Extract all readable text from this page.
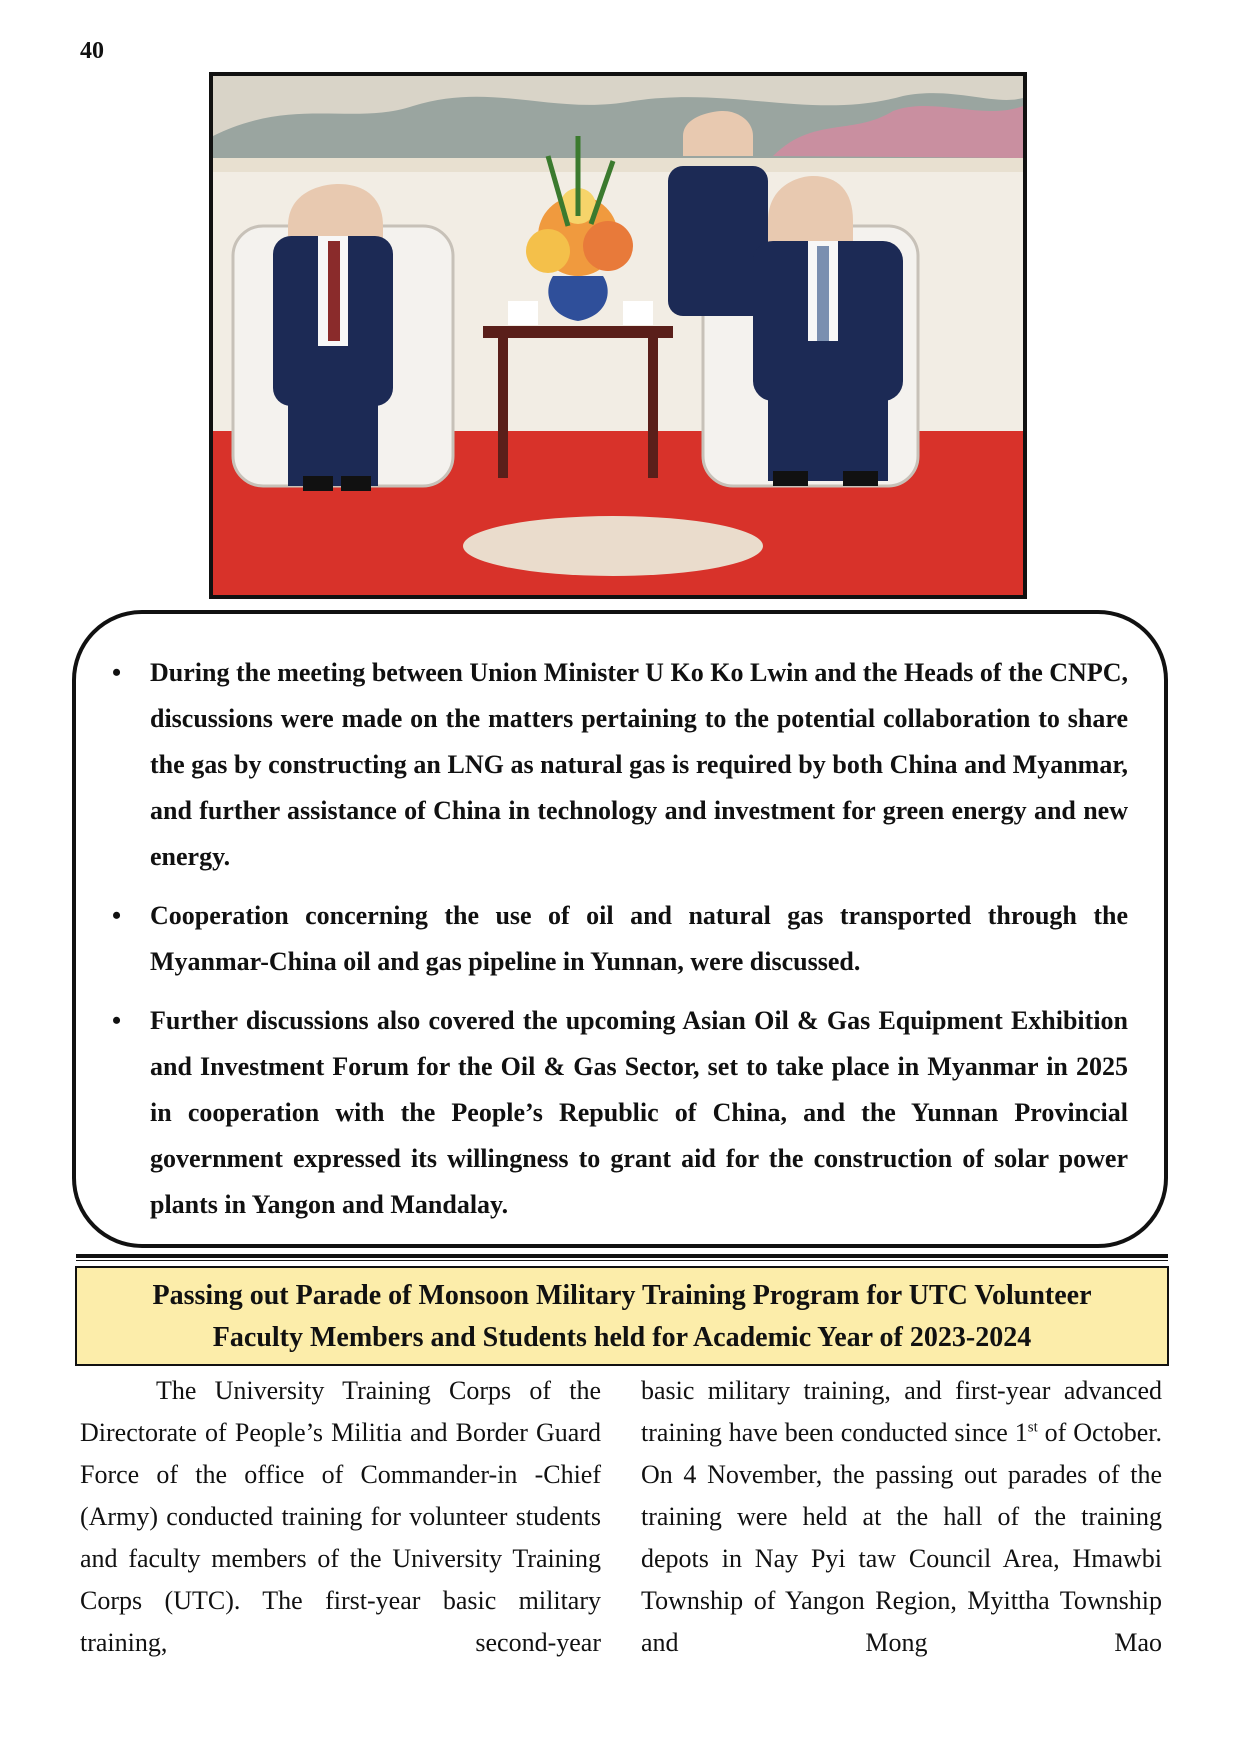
40
• During the meeting between Union Minister U Ko Ko Lwin and the Heads of the CNPC, discussions were made on the matters pertaining to the potential collaboration to share the gas by constructing an LNG as natural gas is required by both China and Myanmar, and further assistance of China in technology and investment for green energy and new energy.
• Cooperation concerning the use of oil and natural gas transported through the Myanmar-China oil and gas pipeline in Yunnan, were discussed.
• Further discussions also covered the upcoming Asian Oil & Gas Equipment Exhibition and Investment Forum for the Oil & Gas Sector, set to take place in Myanmar in 2025 in cooperation with the People’s Republic of China, and the Yunnan Provincial government expressed its willingness to grant aid for the construction of solar power plants in Yangon and Mandalay.
Passing out Parade of Monsoon Military Training Program for UTC Volunteer
Faculty Members and Students held for Academic Year of 2023-2024

The University Training Corps of the Directorate of People’s Militia and Border Guard Force of the office of Commander-in -Chief (Army) conducted training for volunteer students and faculty members of the University Training Corps (UTC). The first-year basic military training, second-year

basic military training, and first-year advanced training have been conducted since 1st of October. On 4 November, the passing out parades of the training were held at the hall of the training depots in Nay Pyi taw Council Area, Hmawbi Township of Yangon Region, Myittha Township and Mong Mao
